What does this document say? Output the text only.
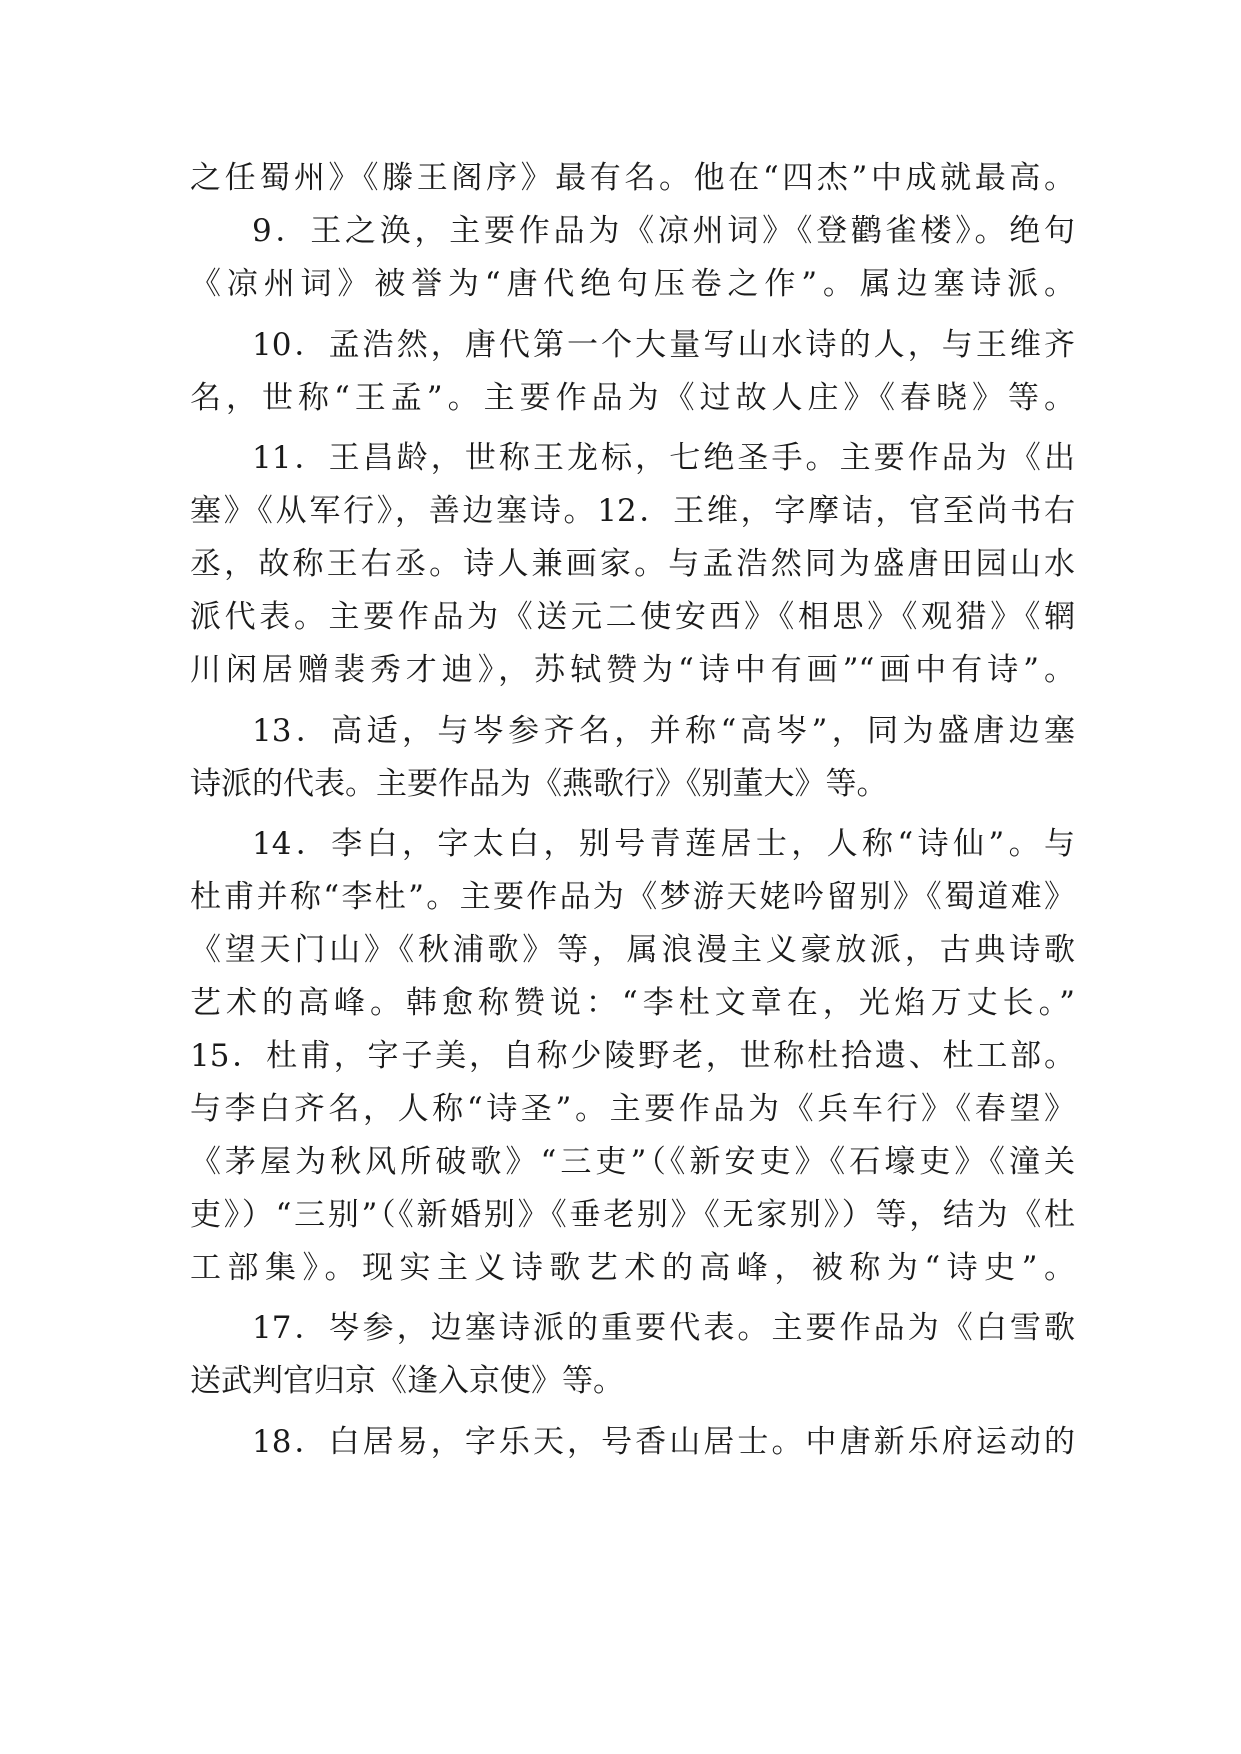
之任蜀州》《滕王阁序》最有名。他在“四杰”中成就最高。
9．王之涣，主要作品为《凉州词》《登鹳雀楼》。绝句
《凉州词》被誉为“唐代绝句压卷之作”。属边塞诗派。
10．孟浩然，唐代第一个大量写山水诗的人，与王维齐
名，世称“王孟”。主要作品为《过故人庄》《春晓》等。
11．王昌龄，世称王龙标，七绝圣手。主要作品为《出
塞》《从军行》，善边塞诗。12．王维，字摩诘，官至尚书右
丞，故称王右丞。诗人兼画家。与孟浩然同为盛唐田园山水
派代表。主要作品为《送元二使安西》《相思》《观猎》《辋
川闲居赠裴秀才迪》，苏轼赞为“诗中有画”“画中有诗”。
13．高适，与岑参齐名，并称“高岑”，同为盛唐边塞
诗派的代表。主要作品为《燕歌行》《别董大》等。
14．李白，字太白，别号青莲居士，人称“诗仙”。与
杜甫并称“李杜”。主要作品为《梦游天姥吟留别》《蜀道难》
《望天门山》《秋浦歌》等，属浪漫主义豪放派，古典诗歌
艺术的高峰。韩愈称赞说：“李杜文章在，光焰万丈长。”
15．杜甫，字子美，自称少陵野老，世称杜拾遗、杜工部。
与李白齐名，人称“诗圣”。主要作品为《兵车行》《春望》
《茅屋为秋风所破歌》“三吏”（《新安吏》《石壕吏》《潼关
吏》）“三别”（《新婚别》《垂老别》《无家别》）等，结为《杜
工部集》。现实主义诗歌艺术的高峰，被称为“诗史”。
17．岑参，边塞诗派的重要代表。主要作品为《白雪歌
送武判官归京《逢入京使》等。
18．白居易，字乐天，号香山居士。中唐新乐府运动的
